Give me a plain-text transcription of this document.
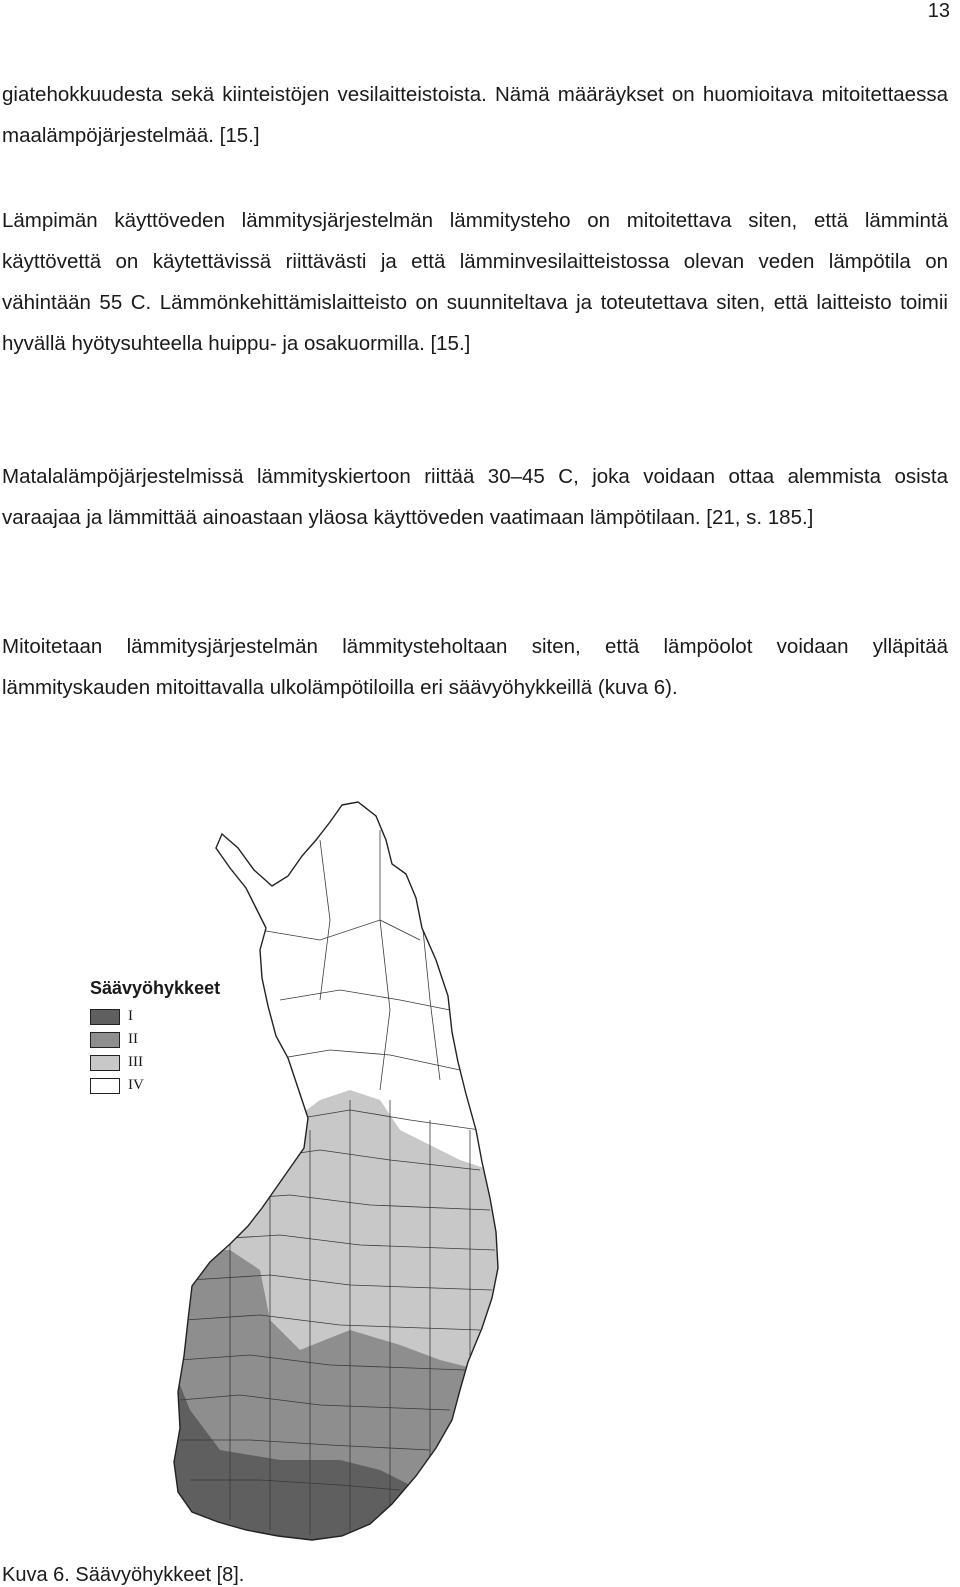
13

giatehokkuudesta sekä kiinteistöjen vesilaitteistoista. Nämä määräykset on huomioitava mitoitettaessa maalämpöjärjestelmää. [15.]

Lämpimän käyttöveden lämmitysjärjestelmän lämmitysteho on mitoitettava siten, että lämmintä käyttövettä on käytettävissä riittävästi ja että lämminvesilaitteistossa olevan veden lämpötila on vähintään 55 C. Lämmönkehittämislaitteisto on suunniteltava ja toteutettava siten, että laitteisto toimii hyvällä hyötysuhteella huippu- ja osakuormilla. [15.]

Matalalämpöjärjestelmissä lämmityskiertoon riittää 30–45 C, joka voidaan ottaa alemmista osista varaajaa ja lämmittää ainoastaan yläosa käyttöveden vaatimaan lämpötilaan. [21, s. 185.]

Mitoitetaan lämmitysjärjestelmän lämmitysteholtaan siten, että lämpöolot voidaan ylläpitää lämmityskauden mitoittavalla ulkolämpötiloilla eri säävyöhykkeillä (kuva 6).

Säävyöhykkeet
I
II
III
IV

Kuva 6. Säävyöhykkeet [8].
